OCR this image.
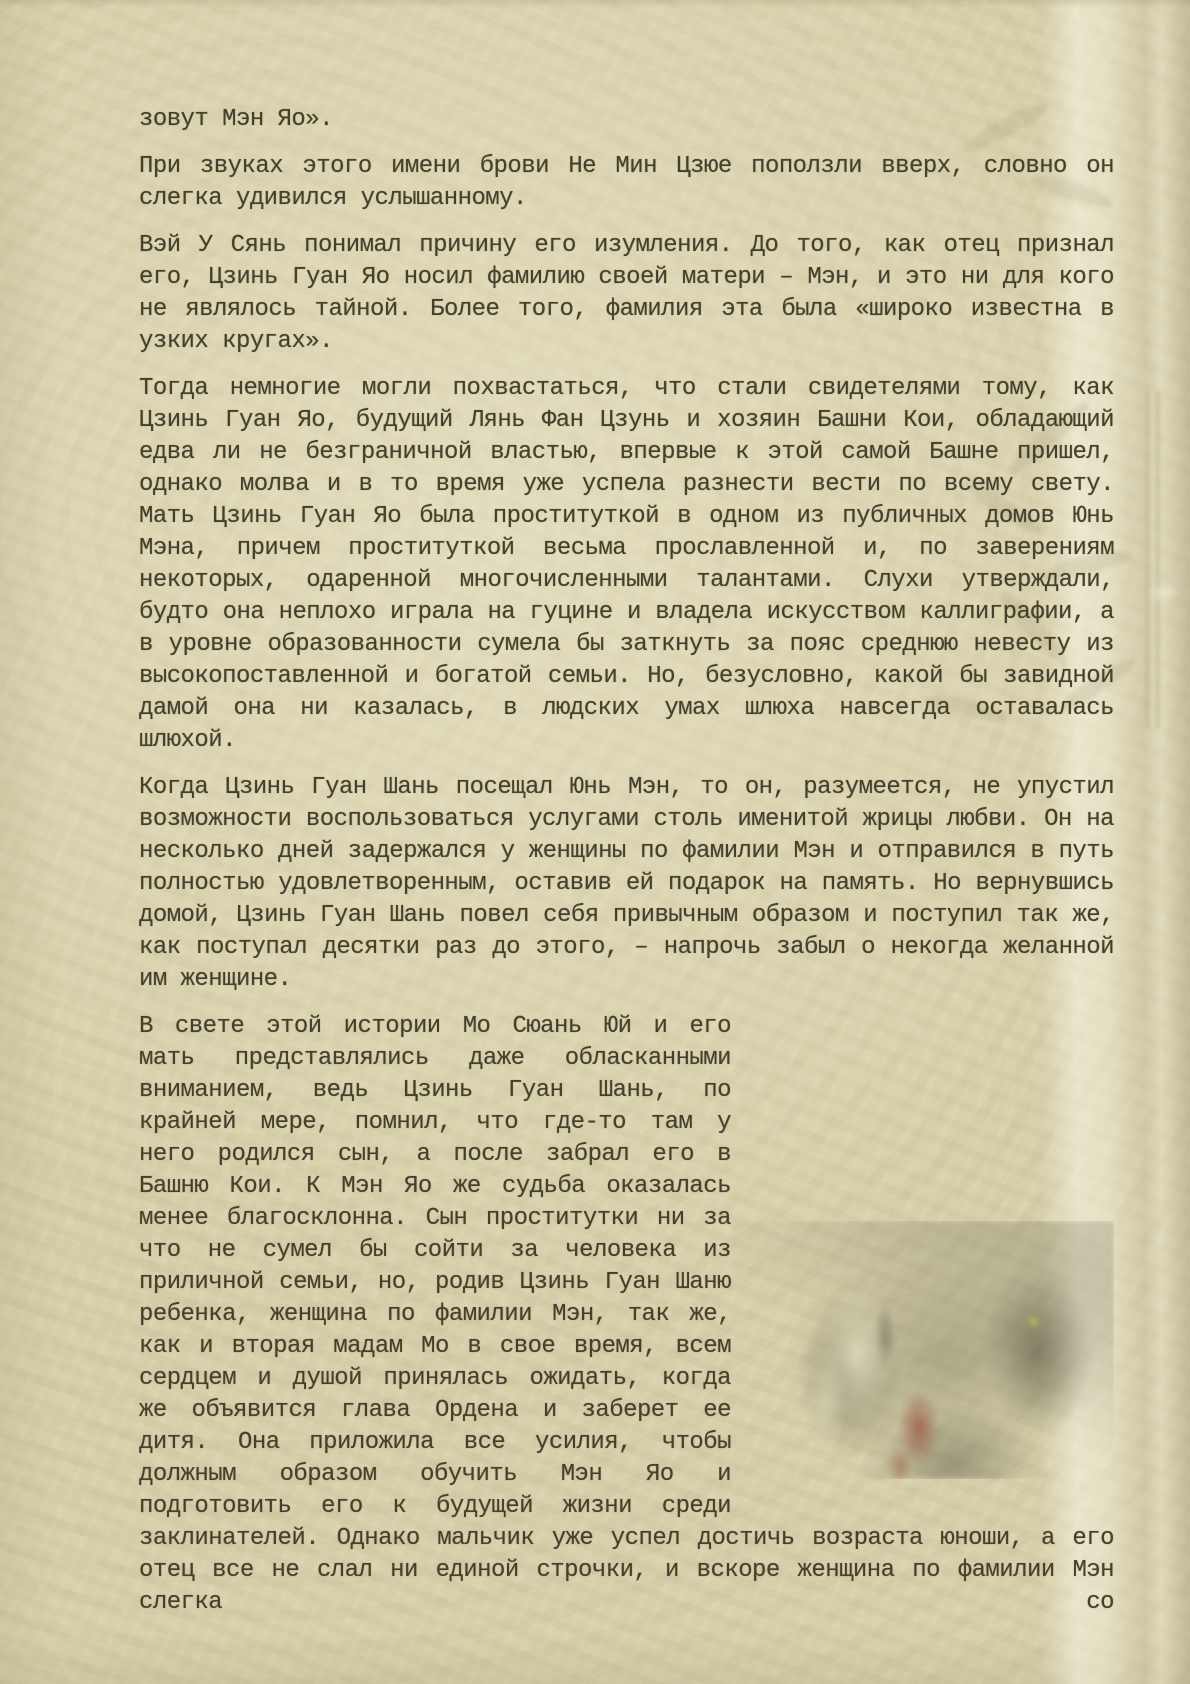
зовут Мэн Яо».
При звуках этого имени брови Не Мин Цзюе поползли вверх, словно он слегка удивился услышанному.
Вэй У Сянь понимал причину его изумления. До того, как отец признал его, Цзинь Гуан Яо носил фамилию своей матери – Мэн, и это ни для кого не являлось тайной. Более того, фамилия эта была «широко известна в узких кругах».
Тогда немногие могли похвастаться, что стали свидетелями тому, как Цзинь Гуан Яо, будущий Лянь Фан Цзунь и хозяин Башни Кои, обладающий едва ли не безграничной властью, впервые к этой самой Башне пришел, однако молва и в то время уже успела разнести вести по всему свету. Мать Цзинь Гуан Яо была проституткой в одном из публичных домов Юнь Мэна, причем проституткой весьма прославленной и, по заверениям некоторых, одаренной многочисленными талантами. Слухи утверждали, будто она неплохо играла на гуцине и владела искусством каллиграфии, а в уровне образованности сумела бы заткнуть за пояс среднюю невесту из высокопоставленной и богатой семьи. Но, безусловно, какой бы завидной дамой она ни казалась, в людских умах шлюха навсегда оставалась шлюхой.
Когда Цзинь Гуан Шань посещал Юнь Мэн, то он, разумеется, не упустил возможности воспользоваться услугами столь именитой жрицы любви. Он на несколько дней задержался у женщины по фамилии Мэн и отправился в путь полностью удовлетворенным, оставив ей подарок на память. Но вернувшись домой, Цзинь Гуан Шань повел себя привычным образом и поступил так же, как поступал десятки раз до этого, – напрочь забыл о некогда желанной им женщине.
В свете этой истории Мо Сюань Юй и его мать представлялись даже обласканными вниманием, ведь Цзинь Гуан Шань, по крайней мере, помнил, что где-то там у него родился сын, а после забрал его в Башню Кои. К Мэн Яо же судьба оказалась менее благосклонна. Сын проститутки ни за что не сумел бы сойти за человека из приличной семьи, но, родив Цзинь Гуан Шаню ребенка, женщина по фамилии Мэн, так же, как и вторая мадам Мо в свое время, всем сердцем и душой принялась ожидать, когда же объявится глава Ордена и заберет ее дитя. Она приложила все усилия, чтобы должным образом обучить Мэн Яо и подготовить его к будущей жизни среди заклинателей. Однако мальчик уже успел достичь возраста юноши, а его отец все не слал ни единой строчки, и вскоре женщина по фамилии Мэн слегка со
